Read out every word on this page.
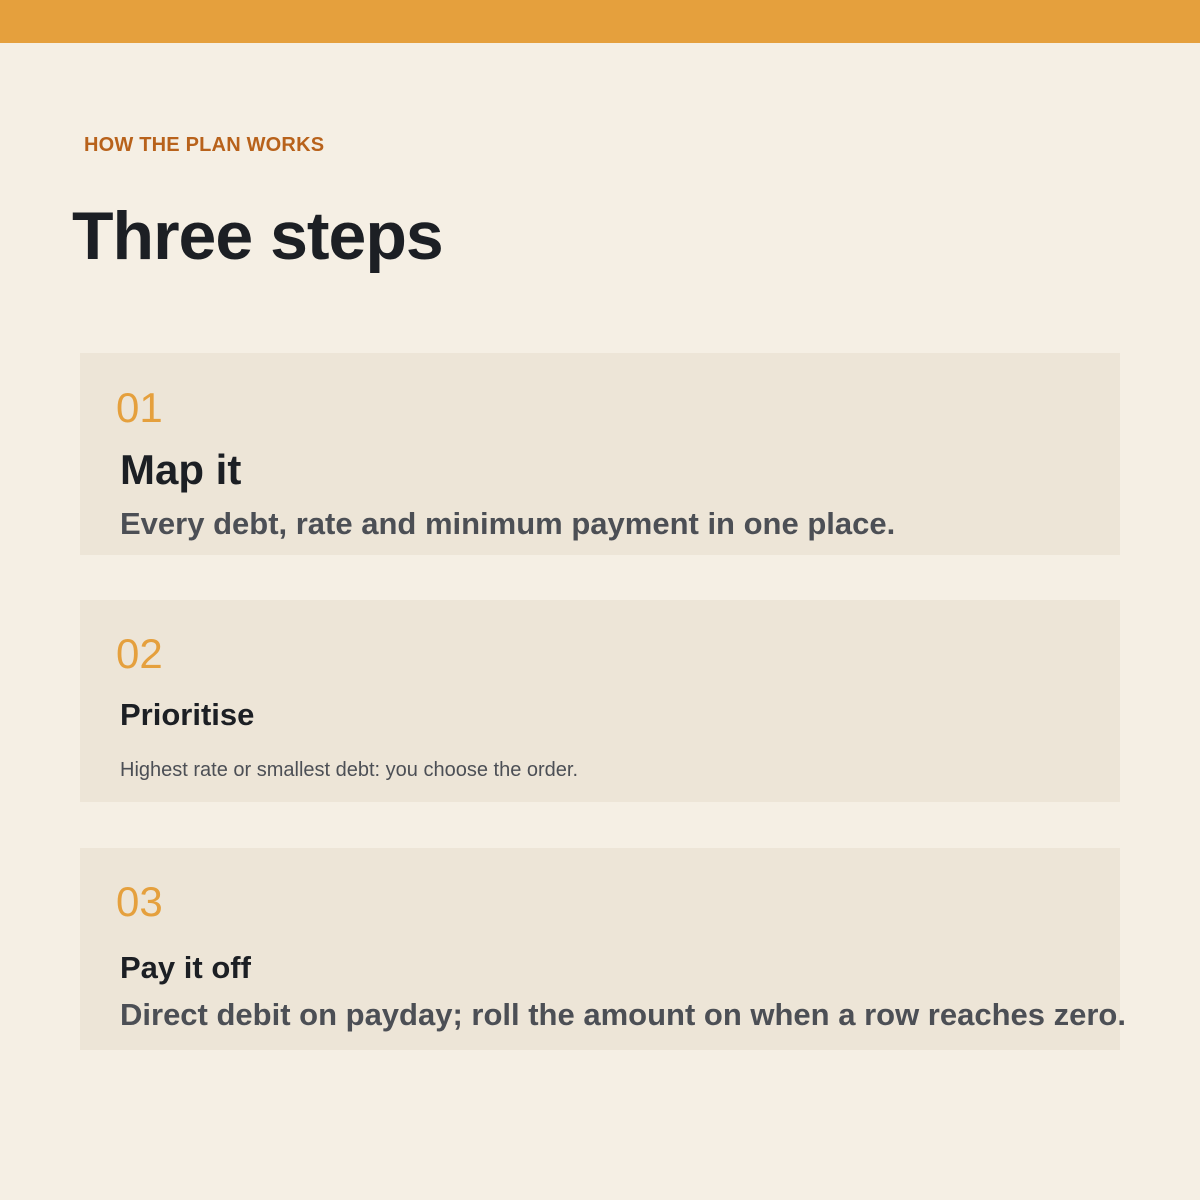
HOW THE PLAN WORKS
Three steps
01
Map it

Every debt, rate and minimum payment in one place.

02
Prioritise

Highest rate or smallest debt: you choose the order.

03
Pay it off

Direct debit on payday; roll the amount on when a row reaches zero.
